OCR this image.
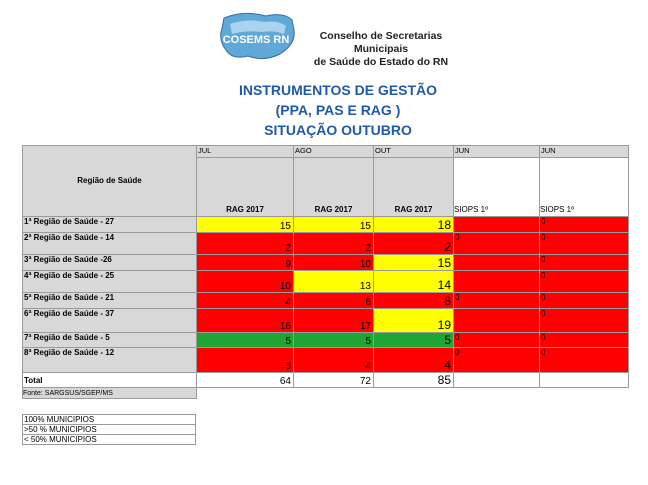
COSEMS RN	Conselho de Secretarias Municipais
de Saúde do Estado do RN
INSTRUMENTOS DE GESTÃO
(PPA, PAS E RAG )
SITUAÇÃO OUTUBRO
Região de Saúde	JUL	AGO	OUT	JUN	JUN
	RAG 2017	RAG 2017	RAG 2017	SIOPS 1º	SIOPS 1º
1ª Região de Saúde - 27	15	15	18		0
2ª Região de Saúde - 14	2	2	2	0	0
3ª Região de Saúde -26	9	10	15		0
4ª Região de Saúde - 25	10	13	14		0
5ª Região de Saúde - 21	4	6	8	0	0
6ª Região de Saúde - 37	16	17	19		0
7ª Região de Saúde - 5	5	5	5	0	0
8ª Região de Saúde - 12	3	4	4	0	0
Total	64	72	85		
Fonte: SARGSUS/SGEP/MS					
100% MUNICIPIOS
>50 % MUNICIPIOS
< 50% MUNICIPIOS
